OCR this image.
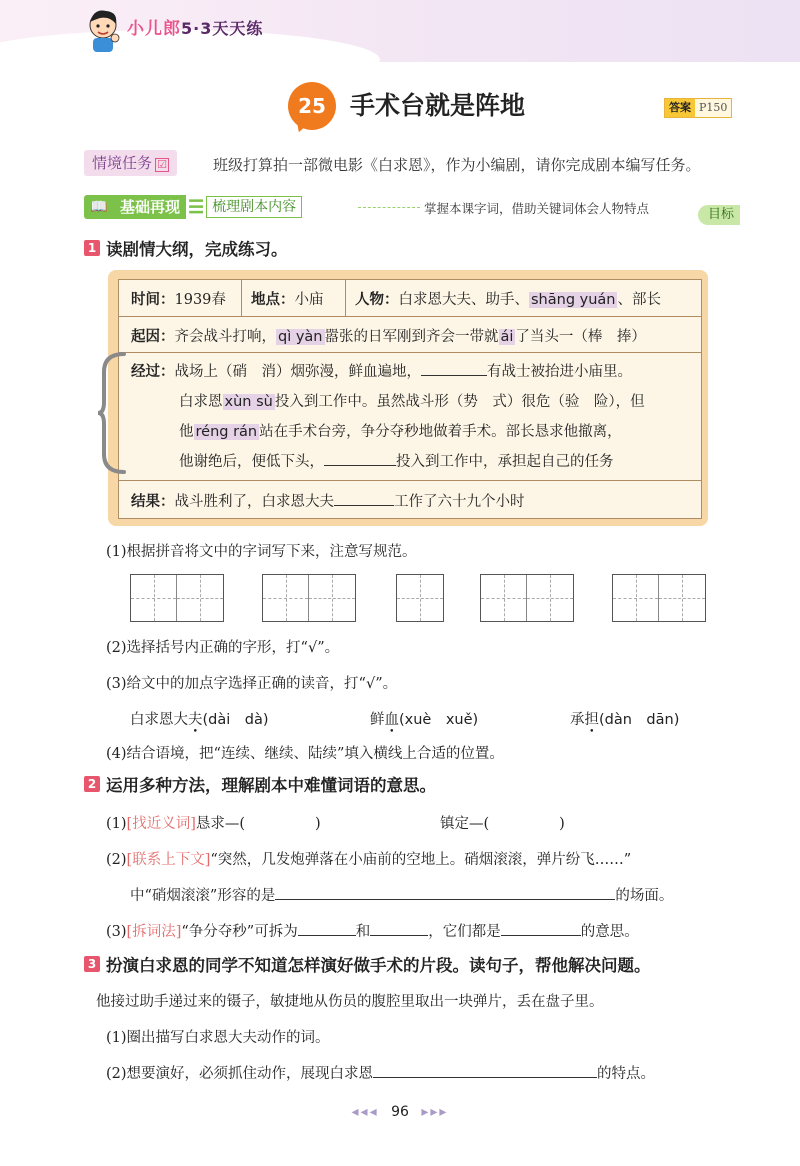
小儿郎5·3天天练
25 手术台就是阵地	答案 P150
情境任务 ☑	班级打算拍一部微电影《白求恩》，作为小编剧，请你完成剧本编写任务。
📖 基础再现 ☰ 梳理剧本内容	掌握本课字词，借助关键词体会人物特点	目标
1 读剧情大纲，完成练习。
时间：1939春 地点：小庙 人物：白求恩大夫、助手、 shāng yuán 、部长
起因：齐会战斗打响， qì yàn 嚣张的日军刚到齐会一带就 ái 了当头一（棒　捧）
经过：战场上（硝　消）烟弥漫，鲜血遍地，	有战士被抬进小庙里。
白求恩 xùn sù 投入到工作中。虽然战斗形（势　式）很危（验　险），但
他 réng rán 站在手术台旁，争分夺秒地做着手术。部长恳求他撤离，
他谢绝后，便低下头，	投入到工作中，承担起自己的任务
结果：战斗胜利了，白求恩大夫	工作了六十九个小时
(1)根据拼音将文中的字词写下来，注意写规范。
(2)选择括号内正确的字形，打“√”。
(3)给文中的加点字选择正确的读音，打“√”。
白求恩大夫(dài　dà)	鲜血(xuè　xuě)	承担(dàn　dān)
(4)结合语境，把“连续、继续、陆续”填入横线上合适的位置。
2 运用多种方法，理解剧本中难懂词语的意思。
(1)[找近义词]恳求—(	)	镇定—(	)
(2)[联系上下文]“突然，几发炮弹落在小庙前的空地上。硝烟滚滚，弹片纷飞……”
中“硝烟滚滚”形容的是	的场面。
(3)[拆词法]“争分夺秒”可拆为	和	，它们都是	的意思。
3 扮演白求恩的同学不知道怎样演好做手术的片段。读句子，帮他解决问题。
他接过助手递过来的镊子，敏捷地从伤员的腹腔里取出一块弹片，丢在盘子里。
(1)圈出描写白求恩大夫动作的词。
(2)想要演好，必须抓住动作，展现白求恩	的特点。
◂◂◂ 96 ▸▸▸
